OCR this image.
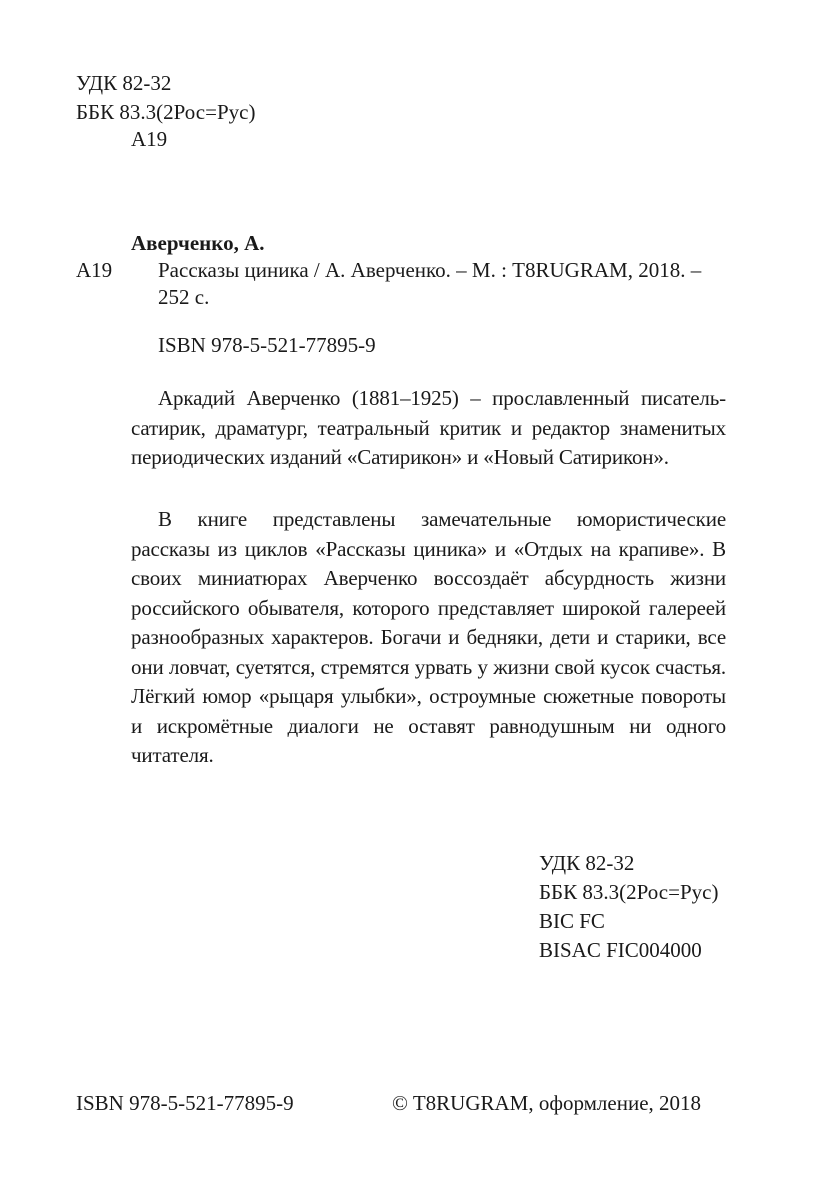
УДК 82-32
ББК 83.3(2Рос=Рус)
А19
Аверченко, А.
А19 Рассказы циника / А. Аверченко. – М. : T8RUGRAM, 2018. –
252 с.
ISBN 978-5-521-77895-9

Аркадий Аверченко (1881–1925) – прославленный писатель-сатирик, драматург, театральный критик и редактор знаменитых периодических изданий «Сатирикон» и «Новый Сатирикон».

В книге представлены замечательные юмористические рассказы из циклов «Рассказы циника» и «Отдых на крапиве». В своих миниатюрах Аверченко воссоздаёт абсурдность жизни российского обывателя, которого представляет широкой галереей разнообразных характеров. Богачи и бедняки, дети и старики, все они ловчат, суетятся, стремятся урвать у жизни свой кусок счастья. Лёгкий юмор «рыцаря улыбки», остроумные сюжетные повороты и искромётные диалоги не оставят равнодушным ни одного читателя.

УДК 82-32
ББК 83.3(2Рос=Рус)
BIC FC
BISAC FIC004000
ISBN 978-5-521-77895-9	© T8RUGRAM, оформление, 2018
